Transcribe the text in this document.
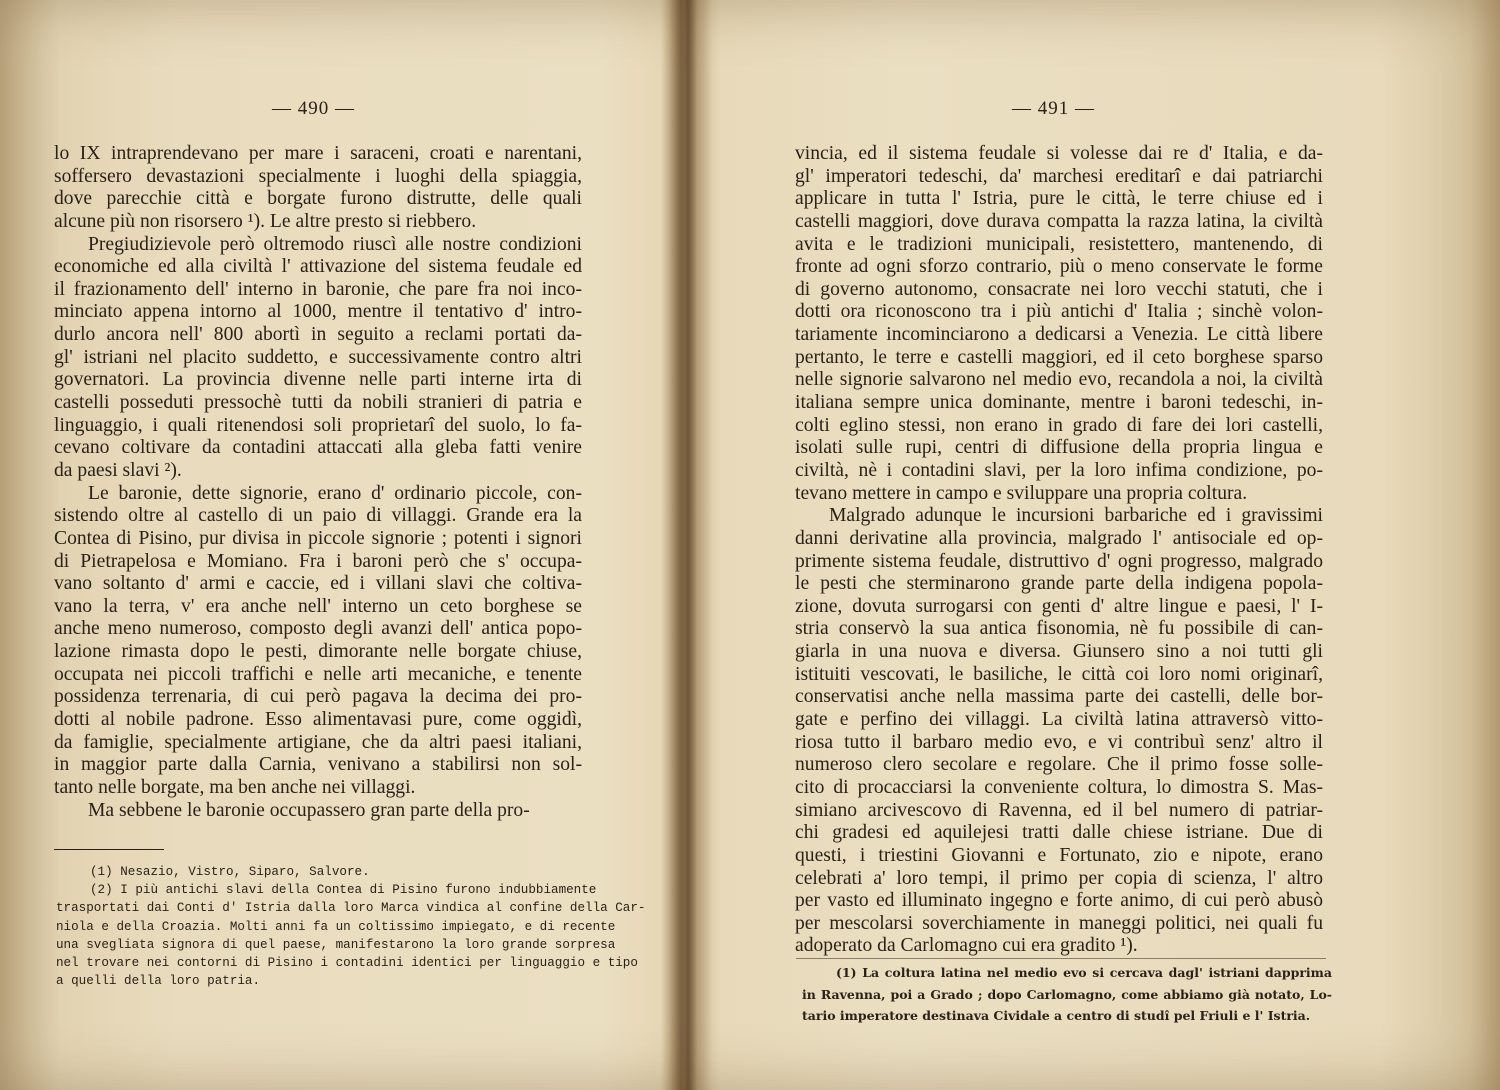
— 490 —
lo IX intraprendevano per mare i saraceni, croati e narentani,
soffersero devastazioni specialmente i luoghi della spiaggia,
dove parecchie città e borgate furono distrutte, delle quali
alcune più non risorsero ¹). Le altre presto si riebbero.
Pregiudizievole però oltremodo riuscì alle nostre condizioni
economiche ed alla civiltà l' attivazione del sistema feudale ed
il frazionamento dell' interno in baronie, che pare fra noi inco-
minciato appena intorno al 1000, mentre il tentativo d' intro-
durlo ancora nell' 800 abortì in seguito a reclami portati da-
gl' istriani nel placito suddetto, e successivamente contro altri
governatori. La provincia divenne nelle parti interne irta di
castelli posseduti pressochè tutti da nobili stranieri di patria e
linguaggio, i quali ritenendosi soli proprietarî del suolo, lo fa-
cevano coltivare da contadini attaccati alla gleba fatti venire
da paesi slavi ²).
Le baronie, dette signorie, erano d' ordinario piccole, con-
sistendo oltre al castello di un paio di villaggi. Grande era la
Contea di Pisino, pur divisa in piccole signorie ; potenti i signori
di Pietrapelosa e Momiano. Fra i baroni però che s' occupa-
vano soltanto d' armi e caccie, ed i villani slavi che coltiva-
vano la terra, v' era anche nell' interno un ceto borghese se
anche meno numeroso, composto degli avanzi dell' antica popo-
lazione rimasta dopo le pesti, dimorante nelle borgate chiuse,
occupata nei piccoli traffichi e nelle arti mecaniche, e tenente
possidenza terrenaria, di cui però pagava la decima dei pro-
dotti al nobile padrone. Esso alimentavasi pure, come oggidì,
da famiglie, specialmente artigiane, che da altri paesi italiani,
in maggior parte dalla Carnia, venivano a stabilirsi non sol-
tanto nelle borgate, ma ben anche nei villaggi.
Ma sebbene le baronie occupassero gran parte della pro-
(1) Nesazio, Vistro, Siparo, Salvore.
(2) I più antichi slavi della Contea di Pisino furono indubbiamente
trasportati dai Conti d' Istria dalla loro Marca vindica al confine della Car-
niola e della Croazia. Molti anni fa un coltissimo impiegato, e di recente
una svegliata signora di quel paese, manifestarono la loro grande sorpresa
nel trovare nei contorni di Pisino i contadini identici per linguaggio e tipo
a quelli della loro patria.
— 491 —
vincia, ed il sistema feudale si volesse dai re d' Italia, e da-
gl' imperatori tedeschi, da' marchesi ereditarî e dai patriarchi
applicare in tutta l' Istria, pure le città, le terre chiuse ed i
castelli maggiori, dove durava compatta la razza latina, la civiltà
avita e le tradizioni municipali, resistettero, mantenendo, di
fronte ad ogni sforzo contrario, più o meno conservate le forme
di governo autonomo, consacrate nei loro vecchi statuti, che i
dotti ora riconoscono tra i più antichi d' Italia ; sinchè volon-
tariamente incominciarono a dedicarsi a Venezia. Le città libere
pertanto, le terre e castelli maggiori, ed il ceto borghese sparso
nelle signorie salvarono nel medio evo, recandola a noi, la civiltà
italiana sempre unica dominante, mentre i baroni tedeschi, in-
colti eglino stessi, non erano in grado di fare dei lori castelli,
isolati sulle rupi, centri di diffusione della propria lingua e
civiltà, nè i contadini slavi, per la loro infima condizione, po-
tevano mettere in campo e sviluppare una propria coltura.
Malgrado adunque le incursioni barbariche ed i gravissimi
danni derivatine alla provincia, malgrado l' antisociale ed op-
primente sistema feudale, distruttivo d' ogni progresso, malgrado
le pesti che sterminarono grande parte della indigena popola-
zione, dovuta surrogarsi con genti d' altre lingue e paesi, l' I-
stria conservò la sua antica fisonomia, nè fu possibile di can-
giarla in una nuova e diversa. Giunsero sino a noi tutti gli
istituiti vescovati, le basiliche, le città coi loro nomi originarî,
conservatisi anche nella massima parte dei castelli, delle bor-
gate e perfino dei villaggi. La civiltà latina attraversò vitto-
riosa tutto il barbaro medio evo, e vi contribuì senz' altro il
numeroso clero secolare e regolare. Che il primo fosse solle-
cito di procacciarsi la conveniente coltura, lo dimostra S. Mas-
simiano arcivescovo di Ravenna, ed il bel numero di patriar-
chi gradesi ed aquilejesi tratti dalle chiese istriane. Due di
questi, i triestini Giovanni e Fortunato, zio e nipote, erano
celebrati a' loro tempi, il primo per copia di scienza, l' altro
per vasto ed illuminato ingegno e forte animo, di cui però abusò
per mescolarsi soverchiamente in maneggi politici, nei quali fu
adoperato da Carlomagno cui era gradito ¹).
(1) La coltura latina nel medio evo si cercava dagl' istriani dapprima
in Ravenna, poi a Grado ; dopo Carlomagno, come abbiamo già notato, Lo-
tario imperatore destinava Cividale a centro di studî pel Friuli e l' Istria.
